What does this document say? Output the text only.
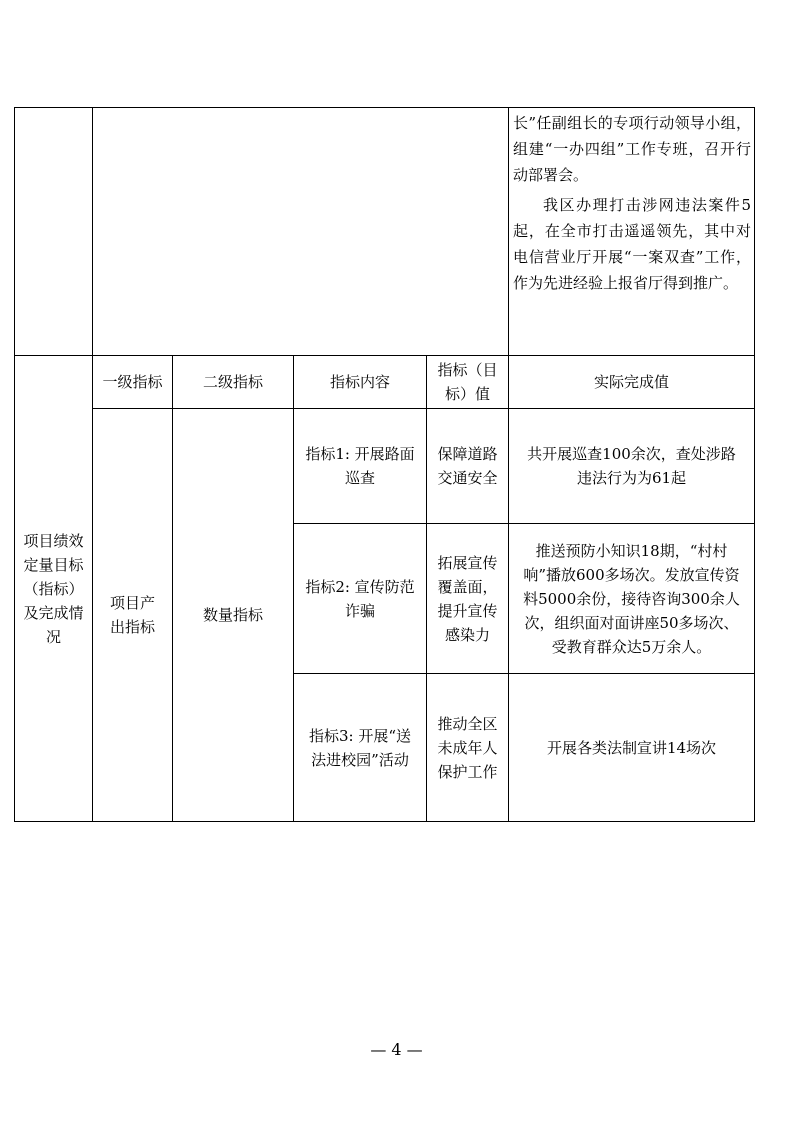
长”任副组长的专项行动领导小组，组建“一办四组”工作专班，召开行动部署会。

我区办理打击涉网违法案件5起，在全市打击遥遥领先，其中对电信营业厅开展“一案双查”工作，作为先进经验上报省厅得到推广。

项目绩效定量目标（指标）及完成情况
一级指标	二级指标	指标内容
指标（目标）值
实际完成值
项目产出指标
数量指标
指标1: 开展路面巡查
保障道路交通安全
共开展巡查100余次，查处涉路违法行为为61起
指标2: 宣传防范诈骗
拓展宣传覆盖面，提升宣传感染力
推送预防小知识18期，“村村响”播放600多场次。发放宣传资料5000余份，接待咨询300余人次，组织面对面讲座50多场次、受教育群众达5万余人。
指标3: 开展“送法进校园”活动
推动全区未成年人保护工作
开展各类法制宣讲14场次
— 4 —
